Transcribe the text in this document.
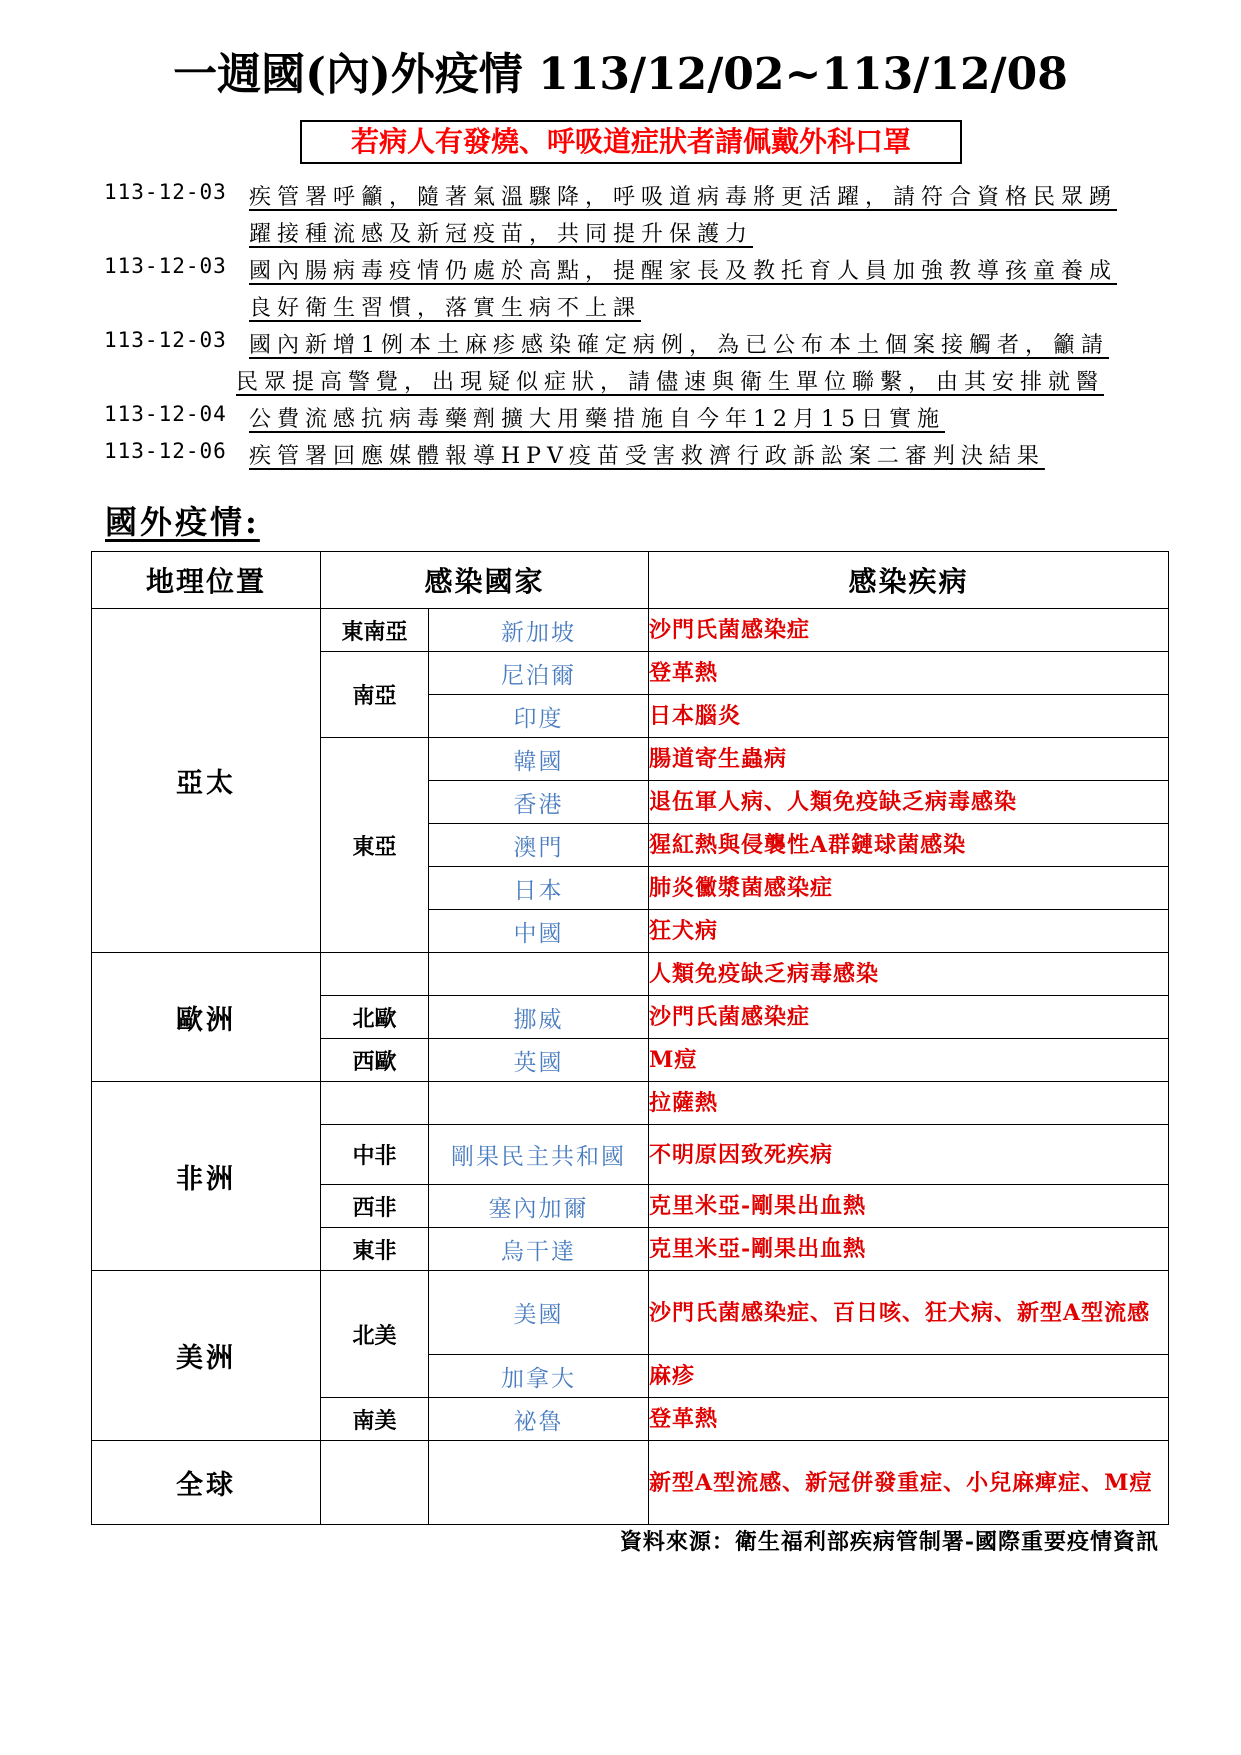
一週國(內)外疫情 113/12/02~113/12/08
若病人有發燒、呼吸道症狀者請佩戴外科口罩
113-12-03	疾管署呼籲，隨著氣溫驟降，呼吸道病毒將更活躍，請符合資格民眾踴
躍接種流感及新冠疫苗，共同提升保護力
113-12-03	國內腸病毒疫情仍處於高點，提醒家長及教托育人員加強教導孩童養成
良好衛生習慣，落實生病不上課
113-12-03	國內新增1例本土麻疹感染確定病例，為已公布本土個案接觸者，籲請
民眾提高警覺，出現疑似症狀，請儘速與衛生單位聯繫，由其安排就醫
113-12-04	公費流感抗病毒藥劑擴大用藥措施自今年12月15日實施
113-12-06	疾管署回應媒體報導HPV疫苗受害救濟行政訴訟案二審判決結果
國外疫情:
地理位置	感染國家		感染疾病
亞太	東南亞	新加坡	沙門氏菌感染症
	南亞	尼泊爾	登革熱
		印度	日本腦炎
	東亞	韓國	腸道寄生蟲病
		香港	退伍軍人病、人類免疫缺乏病毒感染
		澳門	猩紅熱與侵襲性A群鏈球菌感染
		日本	肺炎黴漿菌感染症
		中國	狂犬病
歐洲			人類免疫缺乏病毒感染
	北歐	挪威	沙門氏菌感染症
	西歐	英國	M痘
非洲			拉薩熱
	中非	剛果民主共和國	不明原因致死疾病
	西非	塞內加爾	克里米亞-剛果出血熱
	東非	烏干達	克里米亞-剛果出血熱
美洲	北美	美國	沙門氏菌感染症、百日咳、狂犬病、新型A型流感
		加拿大	麻疹
	南美	祕魯	登革熱
全球			新型A型流感、新冠併發重症、小兒麻痺症、M痘
資料來源：衛生福利部疾病管制署-國際重要疫情資訊
